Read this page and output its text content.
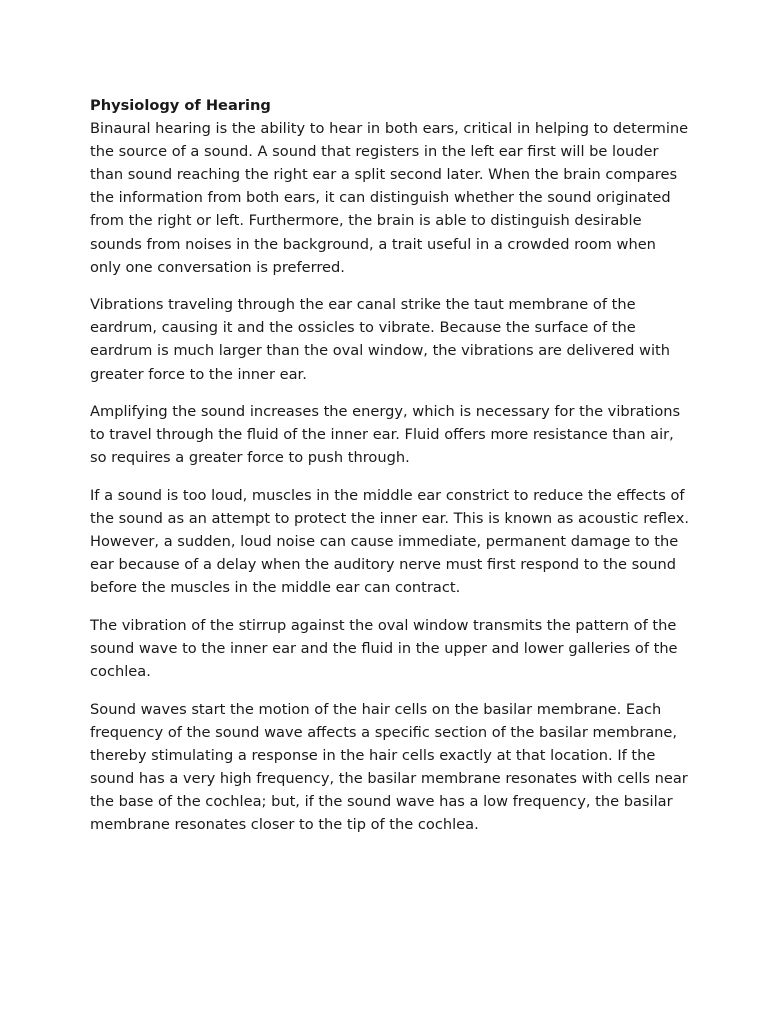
Physiology of Hearing

Binaural hearing is the ability to hear in both ears, critical in helping to determine the source of a sound. A sound that registers in the left ear first will be louder than sound reaching the right ear a split second later. When the brain compares the information from both ears, it can distinguish whether the sound originated from the right or left. Furthermore, the brain is able to distinguish desirable sounds from noises in the background, a trait useful in a crowded room when only one conversation is preferred.

Vibrations traveling through the ear canal strike the taut membrane of the eardrum, causing it and the ossicles to vibrate. Because the surface of the eardrum is much larger than the oval window, the vibrations are delivered with greater force to the inner ear.

Amplifying the sound increases the energy, which is necessary for the vibrations to travel through the fluid of the inner ear. Fluid offers more resistance than air, so requires a greater force to push through.

If a sound is too loud, muscles in the middle ear constrict to reduce the effects of the sound as an attempt to protect the inner ear. This is known as acoustic reflex. However, a sudden, loud noise can cause immediate, permanent damage to the ear because of a delay when the auditory nerve must first respond to the sound before the muscles in the middle ear can contract.

The vibration of the stirrup against the oval window transmits the pattern of the sound wave to the inner ear and the fluid in the upper and lower galleries of the cochlea.

Sound waves start the motion of the hair cells on the basilar membrane. Each frequency of the sound wave affects a specific section of the basilar membrane, thereby stimulating a response in the hair cells exactly at that location. If the sound has a very high frequency, the basilar membrane resonates with cells near the base of the cochlea; but, if the sound wave has a low frequency, the basilar membrane resonates closer to the tip of the cochlea.
